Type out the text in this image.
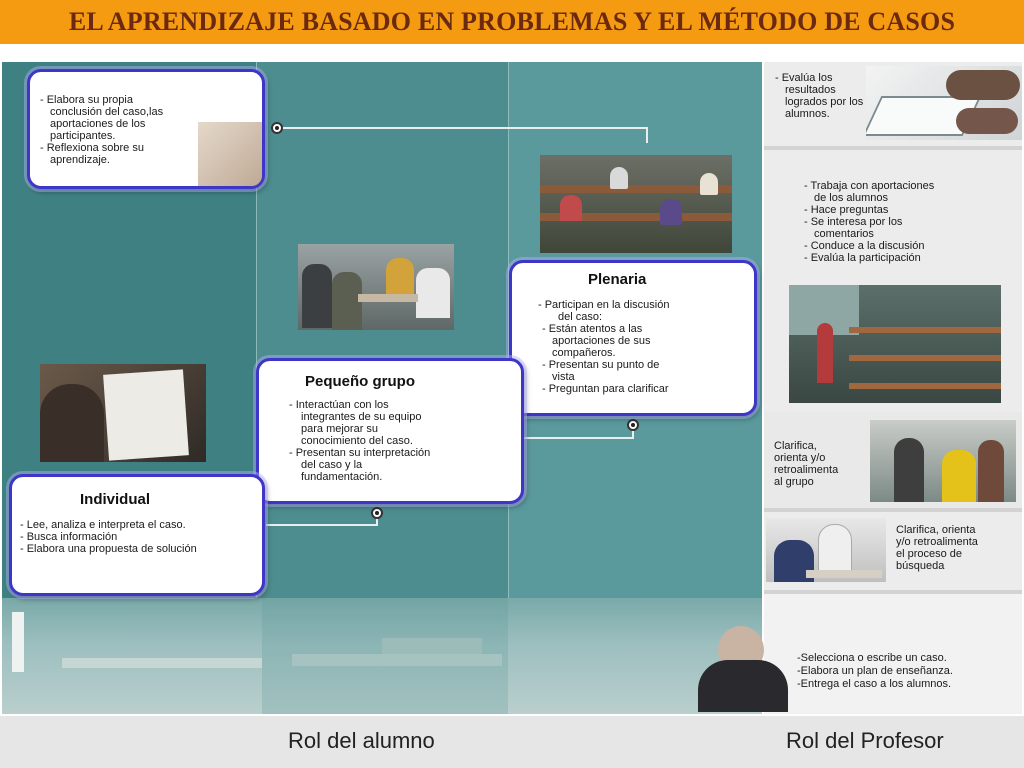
EL APRENDIZAJE BASADO EN PROBLEMAS Y EL MÉTODO DE CASOS
- Elabora su propia
conclusión del caso,las
aportaciones de los
participantes.
- Reflexiona sobre su
aprendizaje.
Plenaria
- Participan en la discusión
del caso:
- Están atentos a las
aportaciones de sus
compañeros.
- Presentan su punto de
vista
- Preguntan para clarificar
Pequeño grupo
- Interactúan con los
integrantes de su equipo
para mejorar su
conocimiento del caso.
- Presentan su interpretación
del caso y la
fundamentación.
Individual
- Lee, analiza e interpreta el caso.
- Busca información
- Elabora una propuesta de solución
- Evalúa los
resultados
logrados por los
alumnos.
- Trabaja con aportaciones
de los alumnos
- Hace preguntas
- Se interesa por los
comentarios
- Conduce a la discusión
- Evalúa la participación
Clarifica,
orienta y/o
retroalimenta
al grupo
Clarifica, orienta
y/o retroalimenta
el proceso de
búsqueda
-Selecciona o escribe un caso.
-Elabora un plan de enseñanza.
-Entrega el caso a los alumnos.
Rol del alumno	Rol del Profesor
